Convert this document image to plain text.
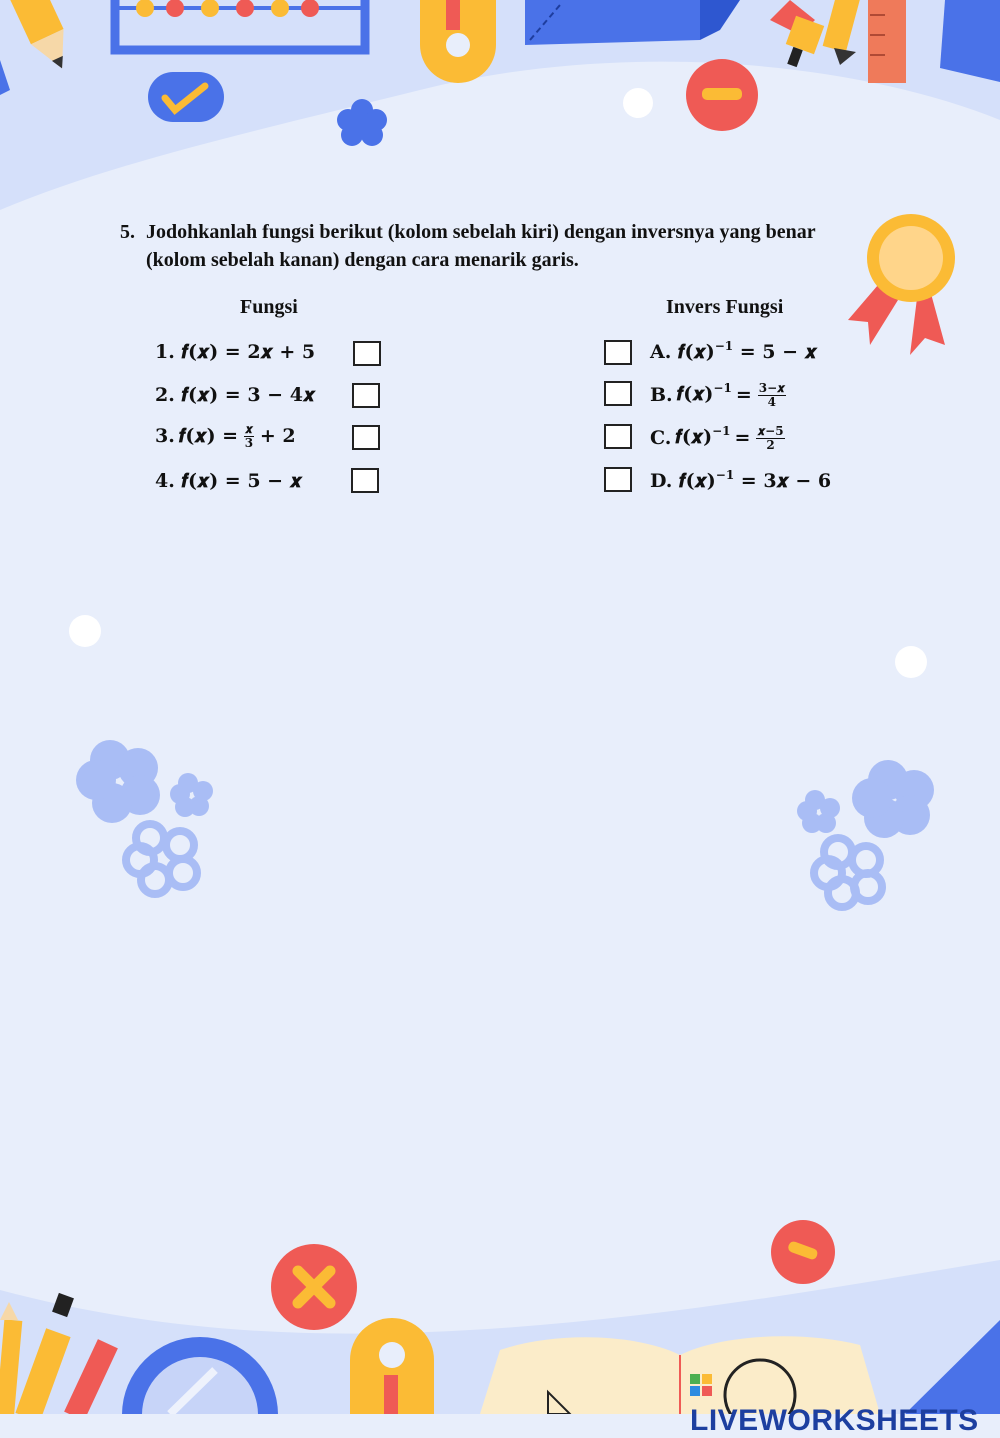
5. Jodohkanlah fungsi berikut (kolom sebelah kiri) dengan inversnya yang benar (kolom sebelah kanan) dengan cara menarik garis.
Fungsi	Invers Fungsi
1. 𝒇(𝒙) = 𝟐𝒙 + 𝟓
2. 𝒇(𝒙) = 𝟑 − 𝟒𝒙
3. 𝒇(𝒙) = $\frac{\text{𝒙}}{𝟑}$ + 𝟐
4. 𝒇(𝒙) = 𝟓 − 𝒙
A. 𝒇(𝒙)$^{-𝟏}$ = 𝟓 − 𝒙
B. 𝒇(𝒙)$^{-𝟏}$ = $\frac{\text{𝟑−𝒙}}{𝟒}$
C. 𝒇(𝒙)$^{-𝟏}$ = $\frac{\text{𝒙−𝟓}}{𝟐}$
D. 𝒇(𝒙)$^{-𝟏}$ = 𝟑𝒙 − 𝟔
LIVEWORKSHEETS
